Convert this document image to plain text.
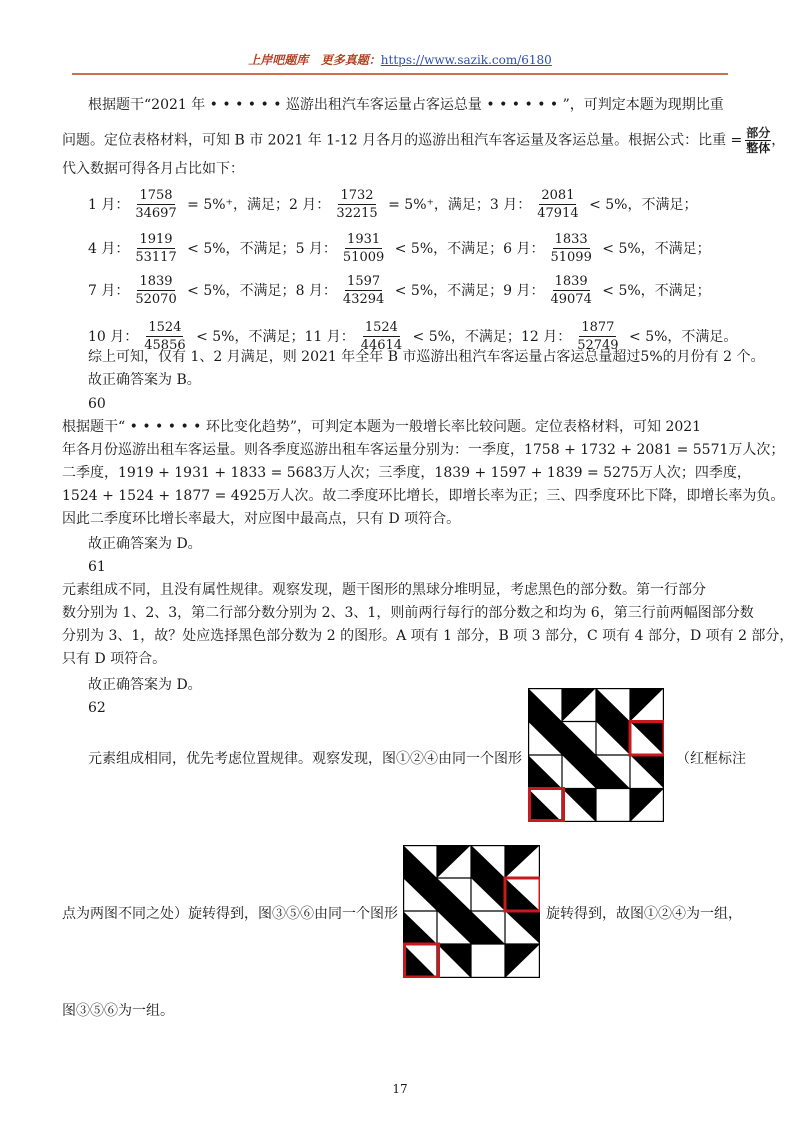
上岸吧题库 更多真题：https://www.sazik.com/6180
根据题干“2021 年 • • • • • • 巡游出租汽车客运量占客运总量 • • • • • • ”，可判定本题为现期比重
问题。定位表格材料，可知 B 市 2021 年 1-12 月各月的巡游出租汽车客运量及客运总量。根据公式：比重 = 部分
整体 ，
代入数据可得各月占比如下：
1 月： $\frac{1758}{34697} = 5\%^+$， 满足； 2 月： $\frac{1732}{32215} = 5\%^+$， 满足； 3 月： $\frac{2081}{47914} < 5\%$， 不满足；
4 月： $\frac{1919}{53117} < 5\%$， 不满足； 5 月： $\frac{1931}{51009} < 5\%$， 不满足； 6 月： $\frac{1833}{51099} < 5\%$， 不满足；
7 月： $\frac{1839}{52070} < 5\%$， 不满足； 8 月： $\frac{1597}{43294} < 5\%$， 不满足； 9 月： $\frac{1839}{49074} < 5\%$， 不满足；
10 月： $\frac{1524}{45856} < 5\%$， 不满足； 11 月： $\frac{1524}{44614} < 5\%$， 不满足； 12 月： $\frac{1877}{52749} < 5\%$， 不满足。
综上可知，仅有 1、2 月满足，则 2021 年全年 B 市巡游出租汽车客运量占客运总量超过5%的月份有 2 个。
故正确答案为 B。
60
根据题干“ • • • • • • 环比变化趋势”，可判定本题为一般增长率比较问题。定位表格材料，可知 2021
年各月份巡游出租车客运量。则各季度巡游出租车客运量分别为：一季度，1758 + 1732 + 2081 = 5571万人次；
二季度，1919 + 1931 + 1833 = 5683万人次；三季度，1839 + 1597 + 1839 = 5275万人次；四季度，
1524 + 1524 + 1877 = 4925万人次。故二季度环比增长，即增长率为正；三、四季度环比下降，即增长率为负。
因此二季度环比增长率最大，对应图中最高点，只有 D 项符合。
故正确答案为 D。
61
元素组成不同，且没有属性规律。观察发现，题干图形的黑球分堆明显，考虑黑色的部分数。第一行部分
数分别为 1、2、3，第二行部分数分别为 2、3、1，则前两行每行的部分数之和均为 6，第三行前两幅图部分数
分别为 3、1，故？处应选择黑色部分数为 2 的图形。A 项有 1 部分，B 项 3 部分，C 项有 4 部分，D 项有 2 部分，
只有 D 项符合。
故正确答案为 D。
62
元素组成相同，优先考虑位置规律。观察发现，图①②④由同一个图形	（红框标注
点为两图不同之处）旋转得到，图③⑤⑥由同一个图形	旋转得到，故图①②④为一组，
图③⑤⑥为一组。
17
